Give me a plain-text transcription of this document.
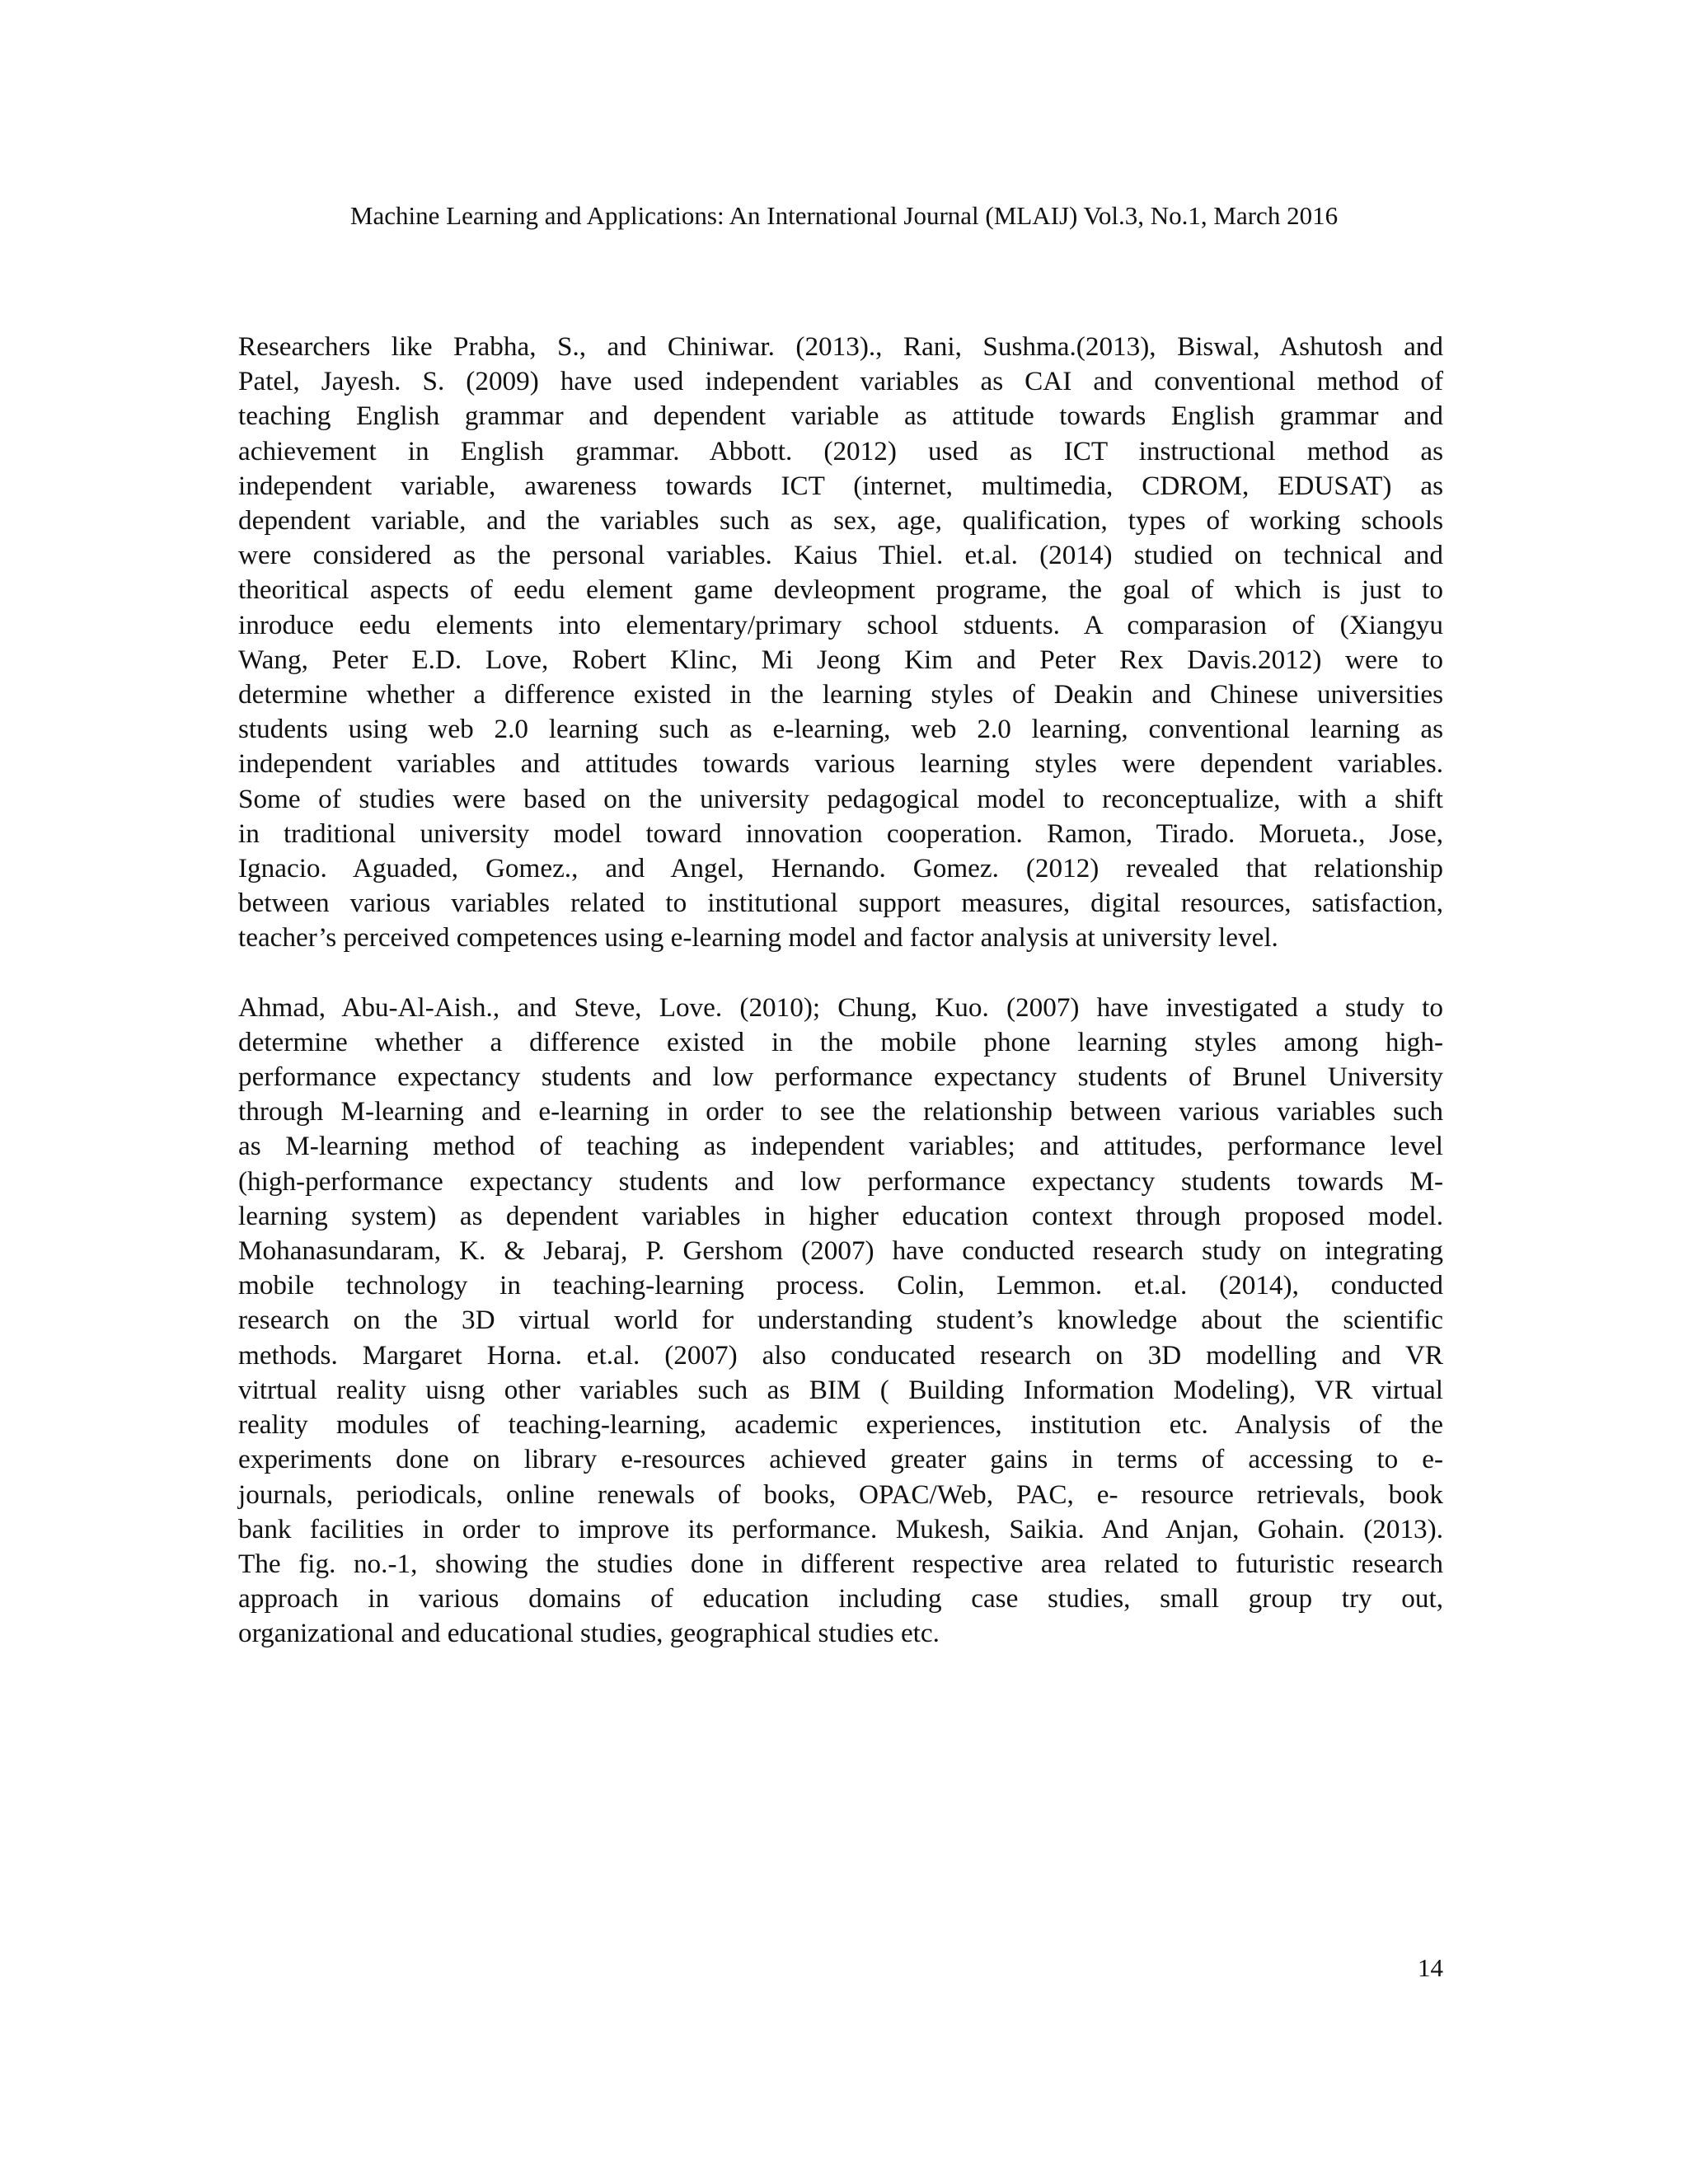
Machine Learning and Applications: An International Journal (MLAIJ) Vol.3, No.1, March 2016

Researchers like Prabha, S., and Chiniwar. (2013)., Rani, Sushma.(2013), Biswal, Ashutosh and
Patel, Jayesh. S. (2009) have used independent variables as CAI and conventional method of
teaching English grammar and dependent variable as attitude towards English grammar and
achievement in English grammar. Abbott. (2012) used as ICT instructional method as
independent variable, awareness towards ICT (internet, multimedia, CDROM, EDUSAT) as
dependent variable, and the variables such as sex, age, qualification, types of working schools
were considered as the personal variables. Kaius Thiel. et.al. (2014) studied on technical and
theoritical aspects of eedu element game devleopment programe, the goal of which is just to
inroduce eedu elements into elementary/primary school stduents. A comparasion of (Xiangyu
Wang, Peter E.D. Love, Robert Klinc, Mi Jeong Kim and Peter Rex Davis.2012) were to
determine whether a difference existed in the learning styles of Deakin and Chinese universities
students using web 2.0 learning such as e-learning, web 2.0 learning, conventional learning as
independent variables and attitudes towards various learning styles were dependent variables.
Some of studies were based on the university pedagogical model to reconceptualize, with a shift
in traditional university model toward innovation cooperation. Ramon, Tirado. Morueta., Jose,
Ignacio. Aguaded, Gomez., and Angel, Hernando. Gomez. (2012) revealed that relationship
between various variables related to institutional support measures, digital resources, satisfaction,
teacher’s perceived competences using e-learning model and factor analysis at university level.

Ahmad, Abu-Al-Aish., and Steve, Love. (2010); Chung, Kuo. (2007) have investigated a study to
determine whether a difference existed in the mobile phone learning styles among high-
performance expectancy students and low performance expectancy students of Brunel University
through M-learning and e-learning in order to see the relationship between various variables such
as M-learning method of teaching as independent variables; and attitudes, performance level
(high-performance expectancy students and low performance expectancy students towards M-
learning system) as dependent variables in higher education context through proposed model.
Mohanasundaram, K. & Jebaraj, P. Gershom (2007) have conducted research study on integrating
mobile technology in teaching-learning process. Colin, Lemmon. et.al. (2014), conducted
research on the 3D virtual world for understanding student’s knowledge about the scientific
methods. Margaret Horna. et.al. (2007) also conducated research on 3D modelling and VR
vitrtual reality uisng other variables such as BIM ( Building Information Modeling), VR virtual
reality modules of teaching-learning, academic experiences, institution etc. Analysis of the
experiments done on library e-resources achieved greater gains in terms of accessing to e-
journals, periodicals, online renewals of books, OPAC/Web, PAC, e- resource retrievals, book
bank facilities in order to improve its performance. Mukesh, Saikia. And Anjan, Gohain. (2013).
The fig. no.-1, showing the studies done in different respective area related to futuristic research
approach in various domains of education including case studies, small group try out,
organizational and educational studies, geographical studies etc.

14
